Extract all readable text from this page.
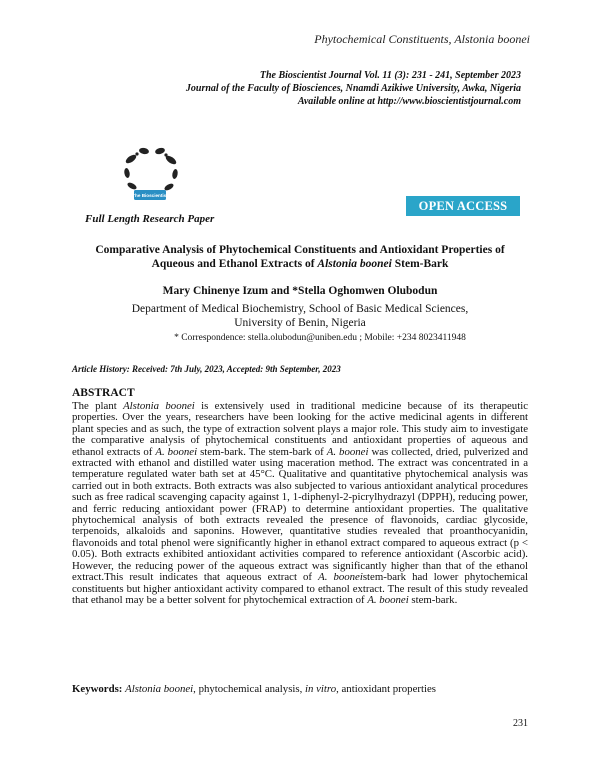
Phytochemical Constituents, Alstonia boonei
The Bioscientist Journal Vol. 11 (3): 231 - 241, September 2023
Journal of the Faculty of Biosciences, Nnamdi Azikiwe University, Awka, Nigeria
Available online at http://www.bioscientistjournal.com
The Bioscientist
Full Length Research Paper
OPEN ACCESS
Comparative Analysis of Phytochemical Constituents and Antioxidant Properties of
Aqueous and Ethanol Extracts of Alstonia boonei Stem-Bark
Mary Chinenye Izum and *Stella Oghomwen Olubodun
Department of Medical Biochemistry, School of Basic Medical Sciences,
University of Benin, Nigeria
* Correspondence: stella.olubodun@uniben.edu ; Mobile: +234 8023411948
Article History: Received: 7th July, 2023, Accepted: 9th September, 2023
ABSTRACT
The plant Alstonia boonei is extensively used in traditional medicine because of its therapeutic properties. Over the years, researchers have been looking for the active medicinal agents in different plant species and as such, the type of extraction solvent plays a major role. This study aim to investigate the comparative analysis of phytochemical constituents and antioxidant properties of aqueous and ethanol extracts of A. boonei stem-bark. The stem-bark of A. boonei was collected, dried, pulverized and extracted with ethanol and distilled water using maceration method. The extract was concentrated in a temperature regulated water bath set at 45°C. Qualitative and quantitative phytochemical analysis was carried out in both extracts. Both extracts was also subjected to various antioxidant analytical procedures such as free radical scavenging capacity against 1, 1-diphenyl-2-picrylhydrazyl (DPPH), reducing power, and ferric reducing antioxidant power (FRAP) to determine antioxidant properties. The qualitative phytochemical analysis of both extracts revealed the presence of flavonoids, cardiac glycoside, terpenoids, alkaloids and saponins. However, quantitative studies revealed that proanthocyanidin, flavonoids and total phenol were significantly higher in ethanol extract compared to aqueous extract (p < 0.05). Both extracts exhibited antioxidant activities compared to reference antioxidant (Ascorbic acid). However, the reducing power of the aqueous extract was significantly higher than that of the ethanol extract.This result indicates that aqueous extract of A. booneistem-bark had lower phytochemical constituents but higher antioxidant activity compared to ethanol extract. The result of this study revealed that ethanol may be a better solvent for phytochemical extraction of A. boonei stem-bark.
Keywords: Alstonia boonei, phytochemical analysis, in vitro, antioxidant properties
231
